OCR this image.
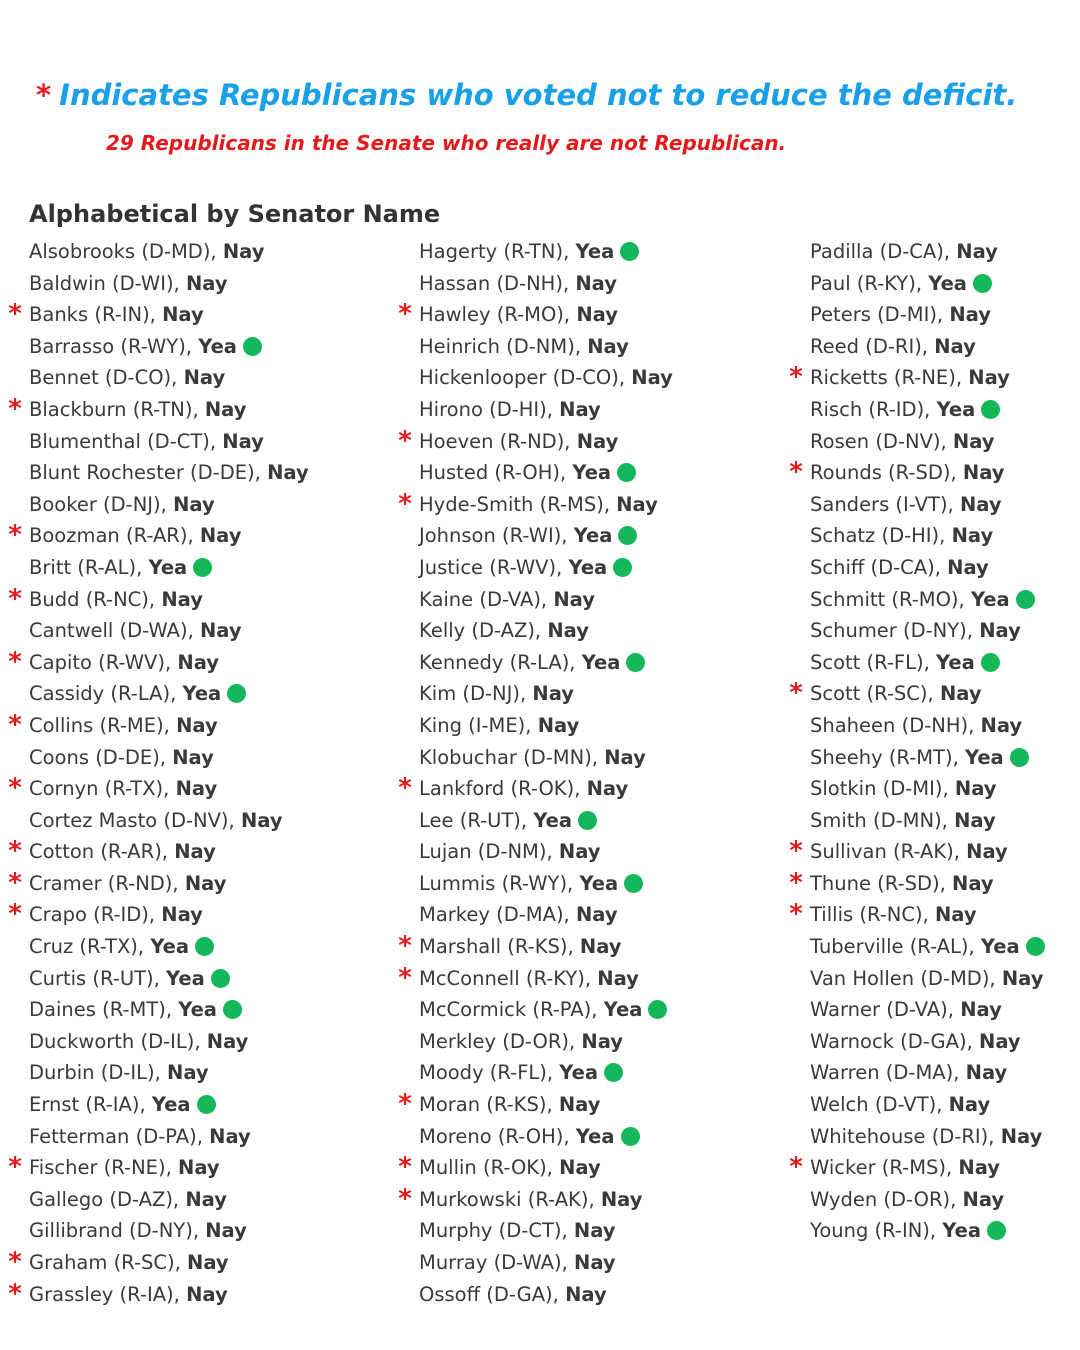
* Indicates Republicans who voted not to reduce the deficit.
29 Republicans in the Senate who really are not Republican.
Alphabetical by Senator Name
Alsobrooks (D-MD), Nay
Baldwin (D-WI), Nay
* Banks (R-IN), Nay
Barrasso (R-WY), Yea
Bennet (D-CO), Nay
* Blackburn (R-TN), Nay
Blumenthal (D-CT), Nay
Blunt Rochester (D-DE), Nay
Booker (D-NJ), Nay
* Boozman (R-AR), Nay
Britt (R-AL), Yea
* Budd (R-NC), Nay
Cantwell (D-WA), Nay
* Capito (R-WV), Nay
Cassidy (R-LA), Yea
* Collins (R-ME), Nay
Coons (D-DE), Nay
* Cornyn (R-TX), Nay
Cortez Masto (D-NV), Nay
* Cotton (R-AR), Nay
* Cramer (R-ND), Nay
* Crapo (R-ID), Nay
Cruz (R-TX), Yea
Curtis (R-UT), Yea
Daines (R-MT), Yea
Duckworth (D-IL), Nay
Durbin (D-IL), Nay
Ernst (R-IA), Yea
Fetterman (D-PA), Nay
* Fischer (R-NE), Nay
Gallego (D-AZ), Nay
Gillibrand (D-NY), Nay
* Graham (R-SC), Nay
* Grassley (R-IA), Nay
Hagerty (R-TN), Yea
Hassan (D-NH), Nay
* Hawley (R-MO), Nay
Heinrich (D-NM), Nay
Hickenlooper (D-CO), Nay
Hirono (D-HI), Nay
* Hoeven (R-ND), Nay
Husted (R-OH), Yea
* Hyde-Smith (R-MS), Nay
Johnson (R-WI), Yea
Justice (R-WV), Yea
Kaine (D-VA), Nay
Kelly (D-AZ), Nay
Kennedy (R-LA), Yea
Kim (D-NJ), Nay
King (I-ME), Nay
Klobuchar (D-MN), Nay
* Lankford (R-OK), Nay
Lee (R-UT), Yea
Lujan (D-NM), Nay
Lummis (R-WY), Yea
Markey (D-MA), Nay
* Marshall (R-KS), Nay
* McConnell (R-KY), Nay
McCormick (R-PA), Yea
Merkley (D-OR), Nay
Moody (R-FL), Yea
* Moran (R-KS), Nay
Moreno (R-OH), Yea
* Mullin (R-OK), Nay
* Murkowski (R-AK), Nay
Murphy (D-CT), Nay
Murray (D-WA), Nay
Ossoff (D-GA), Nay
Padilla (D-CA), Nay
Paul (R-KY), Yea
Peters (D-MI), Nay
Reed (D-RI), Nay
* Ricketts (R-NE), Nay
Risch (R-ID), Yea
Rosen (D-NV), Nay
* Rounds (R-SD), Nay
Sanders (I-VT), Nay
Schatz (D-HI), Nay
Schiff (D-CA), Nay
Schmitt (R-MO), Yea
Schumer (D-NY), Nay
Scott (R-FL), Yea
* Scott (R-SC), Nay
Shaheen (D-NH), Nay
Sheehy (R-MT), Yea
Slotkin (D-MI), Nay
Smith (D-MN), Nay
* Sullivan (R-AK), Nay
* Thune (R-SD), Nay
* Tillis (R-NC), Nay
Tuberville (R-AL), Yea
Van Hollen (D-MD), Nay
Warner (D-VA), Nay
Warnock (D-GA), Nay
Warren (D-MA), Nay
Welch (D-VT), Nay
Whitehouse (D-RI), Nay
* Wicker (R-MS), Nay
Wyden (D-OR), Nay
Young (R-IN), Yea
